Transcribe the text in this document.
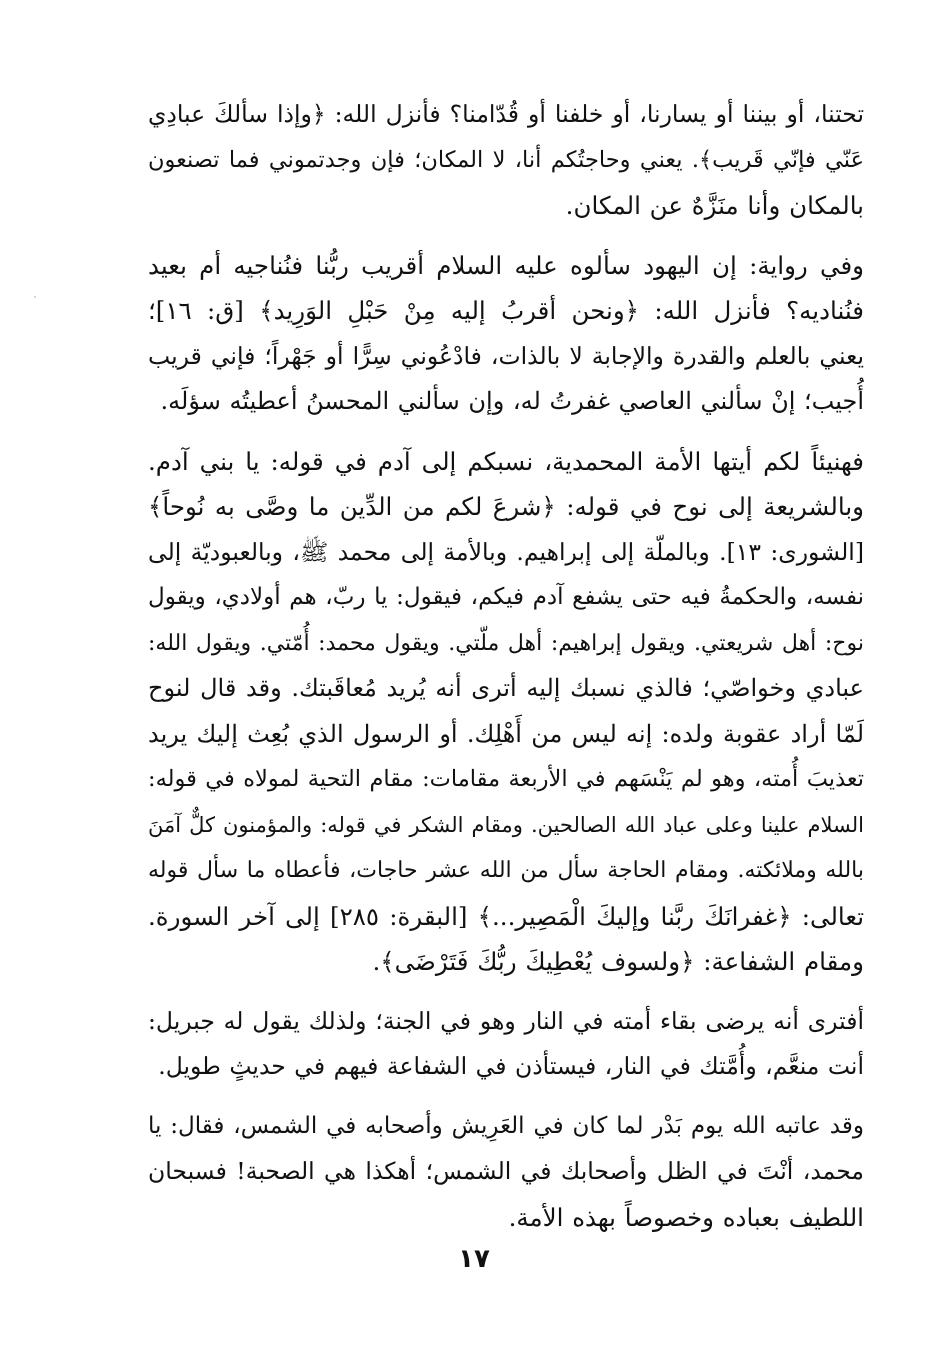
تحتنا، أو بيننا أو يسارنا، أو خلفنا أو قُدّامنا؟ فأنزل الله: ﴿وإذا سألكَ عبادِي
عَنّي فإنّي قَريب﴾. يعني وحاجتُكم أنا، لا المكان؛ فإن وجدتموني فما تصنعون
بالمكان وأنا منَزَّهٌ عن المكان.

وفي رواية: إن اليهود سألوه عليه السلام أقريب ربُّنا فنُناجيه أم بعيد
فنُناديه؟ فأنزل الله: ﴿ونحن أقربُ إليه مِنْ حَبْلِ الوَرِيد﴾ [ق: ١٦]؛
يعني بالعلم والقدرة والإجابة لا بالذات، فادْعُوني سِرًّا أو جَهْراً؛ فإني قريب
أُجيب؛ إنْ سألني العاصي غفرتُ له، وإن سألني المحسنُ أعطيتُه سؤلَه.

فهنيئاً لكم أيتها الأمة المحمدية، نسبكم إلى آدم في قوله: يا بني آدم.
وبالشريعة إلى نوح في قوله: ﴿شرعَ لكم من الدِّين ما وصَّى به نُوحاً﴾
[الشورى: ١٣]. وبالملّة إلى إبراهيم. وبالأمة إلى محمد ﷺ، وبالعبوديّة إلى
نفسه، والحكمةُ فيه حتى يشفع آدم فيكم، فيقول: يا ربّ، هم أولادي، ويقول
نوح: أهل شريعتي. ويقول إبراهيم: أهل ملّتي. ويقول محمد: أُمّتي. ويقول الله:
عبادي وخواصّي؛ فالذي نسبك إليه أترى أنه يُريد مُعاقَبتك. وقد قال لنوح
لَمّا أراد عقوبة ولده: إنه ليس من أَهْلِك. أو الرسول الذي بُعِث إليك يريد
تعذيبَ أُمته، وهو لم يَنْسَهم في الأربعة مقامات: مقام التحية لمولاه في قوله:
السلام علينا وعلى عباد الله الصالحين. ومقام الشكر في قوله: والمؤمنون كلٌّ آمَنَ
بالله وملائكته. ومقام الحاجة سأل من الله عشر حاجات، فأعطاه ما سأل قوله
تعالى: ﴿غفرانَكَ ربَّنا وإليكَ الْمَصِير...﴾ [البقرة: ٢٨٥] إلى آخر السورة.
ومقام الشفاعة: ﴿ولسوف يُعْطِيكَ ربُّكَ فَتَرْضَى﴾.

أفترى أنه يرضى بقاء أمته في النار وهو في الجنة؛ ولذلك يقول له جبريل:
أنت منعَّم، وأُمَّتك في النار، فيستأذن في الشفاعة فيهم في حديثٍ طويل.

وقد عاتبه الله يوم بَدْر لما كان في العَرِيش وأصحابه في الشمس، فقال: يا
محمد، أنْتَ في الظل وأصحابك في الشمس؛ أهكذا هي الصحبة! فسبحان
اللطيف بعباده وخصوصاً بهذه الأمة.

١٧
